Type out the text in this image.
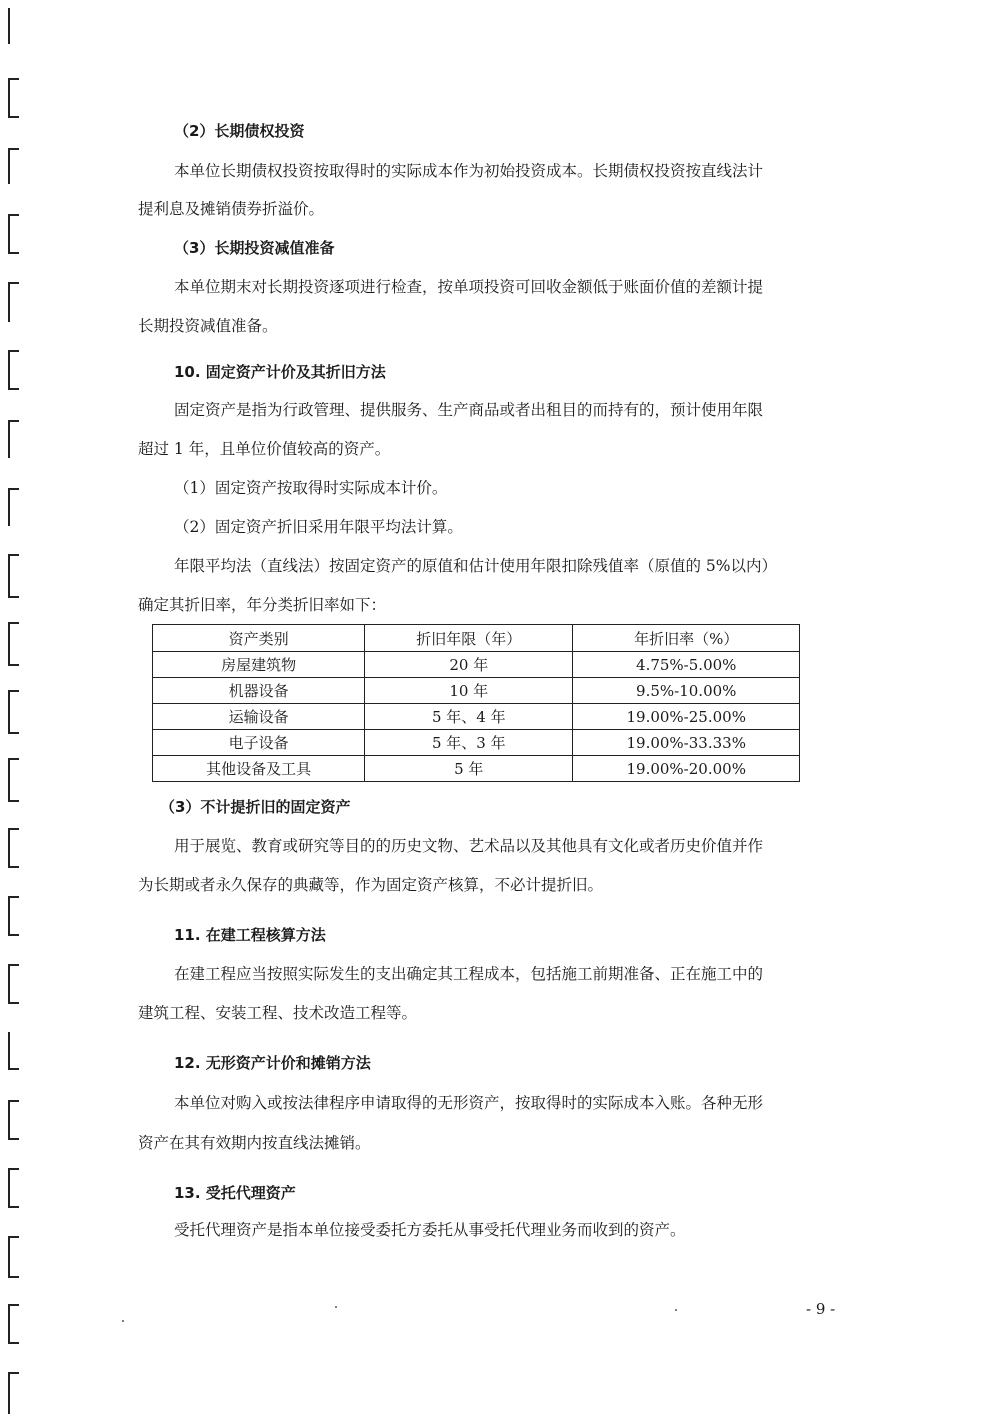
（2）长期债权投资
本单位长期债权投资按取得时的实际成本作为初始投资成本。长期债权投资按直线法计
提利息及摊销债券折溢价。
（3）长期投资减值准备
本单位期末对长期投资逐项进行检查，按单项投资可回收金额低于账面价值的差额计提
长期投资减值准备。
10. 固定资产计价及其折旧方法
固定资产是指为行政管理、提供服务、生产商品或者出租目的而持有的，预计使用年限
超过 1 年，且单位价值较高的资产。
（1）固定资产按取得时实际成本计价。
（2）固定资产折旧采用年限平均法计算。
年限平均法（直线法）按固定资产的原值和估计使用年限扣除残值率（原值的 5%以内）
确定其折旧率，年分类折旧率如下：
资产类别	折旧年限（年）	年折旧率（%）
房屋建筑物	20 年	4.75%-5.00%
机器设备	10 年	9.5%-10.00%
运输设备	5 年、4 年	19.00%-25.00%
电子设备	5 年、3 年	19.00%-33.33%
其他设备及工具	5 年	19.00%-20.00%
（3）不计提折旧的固定资产
用于展览、教育或研究等目的的历史文物、艺术品以及其他具有文化或者历史价值并作
为长期或者永久保存的典藏等，作为固定资产核算，不必计提折旧。
11. 在建工程核算方法
在建工程应当按照实际发生的支出确定其工程成本，包括施工前期准备、正在施工中的
建筑工程、安装工程、技术改造工程等。
12. 无形资产计价和摊销方法
本单位对购入或按法律程序申请取得的无形资产，按取得时的实际成本入账。各种无形
资产在其有效期内按直线法摊销。
13. 受托代理资产
受托代理资产是指本单位接受委托方委托从事受托代理业务而收到的资产。
- 9 -
